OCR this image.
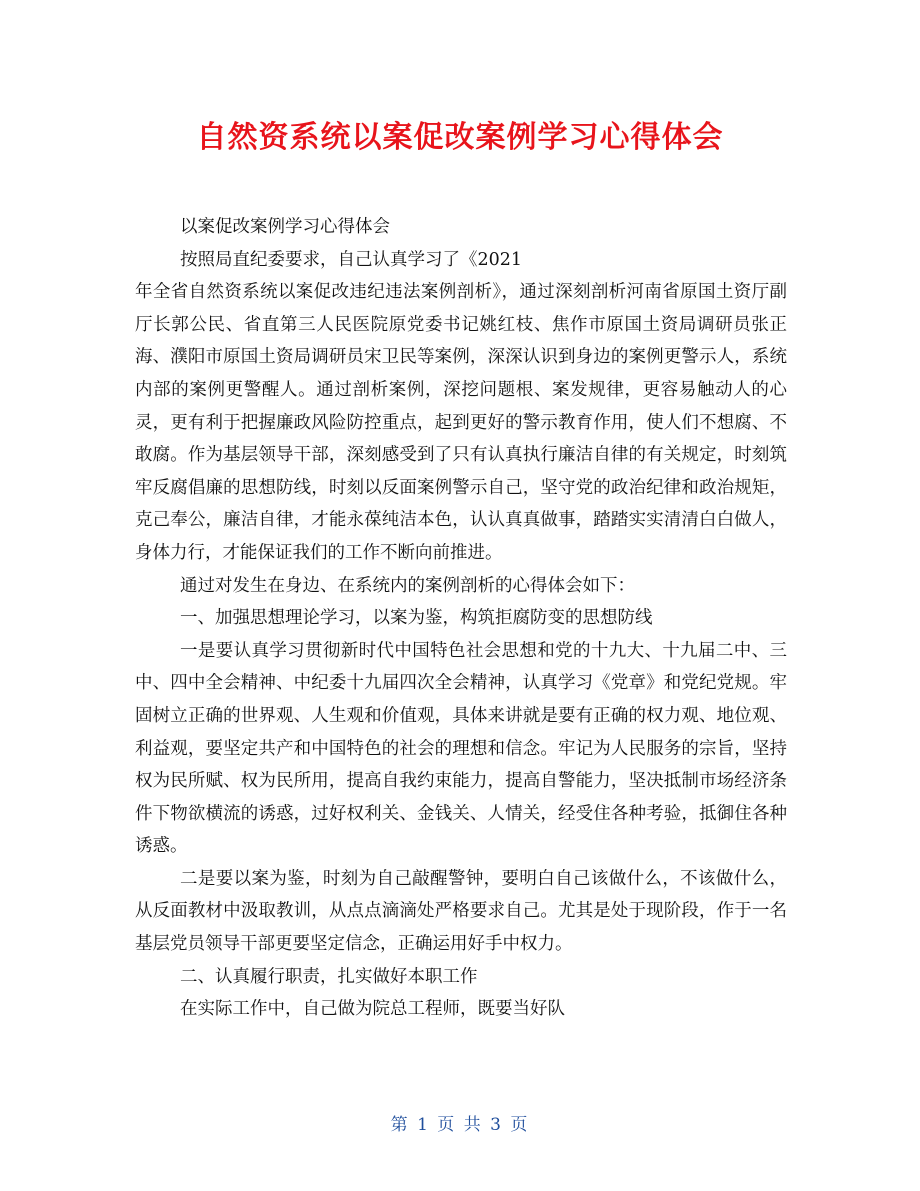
自然资系统以案促改案例学习心得体会

以案促改案例学习心得体会

按照局直纪委要求，自己认真学习了《2021

年全省自然资系统以案促改违纪违法案例剖析》，通过深刻剖析河南省原国土资厅副厅长郭公民、省直第三人民医院原党委书记姚红枝、焦作市原国土资局调研员张正海、濮阳市原国土资局调研员宋卫民等案例，深深认识到身边的案例更警示人，系统内部的案例更警醒人。通过剖析案例，深挖问题根、案发规律，更容易触动人的心灵，更有利于把握廉政风险防控重点，起到更好的警示教育作用，使人们不想腐、不敢腐。作为基层领导干部，深刻感受到了只有认真执行廉洁自律的有关规定，时刻筑牢反腐倡廉的思想防线，时刻以反面案例警示自己，坚守党的政治纪律和政治规矩，克己奉公，廉洁自律，才能永葆纯洁本色，认认真真做事，踏踏实实清清白白做人，身体力行，才能保证我们的工作不断向前推进。

通过对发生在身边、在系统内的案例剖析的心得体会如下：

一、加强思想理论学习，以案为鉴，构筑拒腐防变的思想防线

一是要认真学习贯彻新时代中国特色社会思想和党的十九大、十九届二中、三中、四中全会精神、中纪委十九届四次全会精神，认真学习《党章》和党纪党规。牢固树立正确的世界观、人生观和价值观，具体来讲就是要有正确的权力观、地位观、利益观，要坚定共产和中国特色的社会的理想和信念。牢记为人民服务的宗旨，坚持权为民所赋、权为民所用，提高自我约束能力，提高自警能力，坚决抵制市场经济条件下物欲横流的诱惑，过好权利关、金钱关、人情关，经受住各种考验，抵御住各种诱惑。

二是要以案为鉴，时刻为自己敲醒警钟，要明白自己该做什么，不该做什么，从反面教材中汲取教训，从点点滴滴处严格要求自己。尤其是处于现阶段，作于一名基层党员领导干部更要坚定信念，正确运用好手中权力。

二、认真履行职责，扎实做好本职工作

在实际工作中，自己做为院总工程师，既要当好队

第 1 页 共 3 页
